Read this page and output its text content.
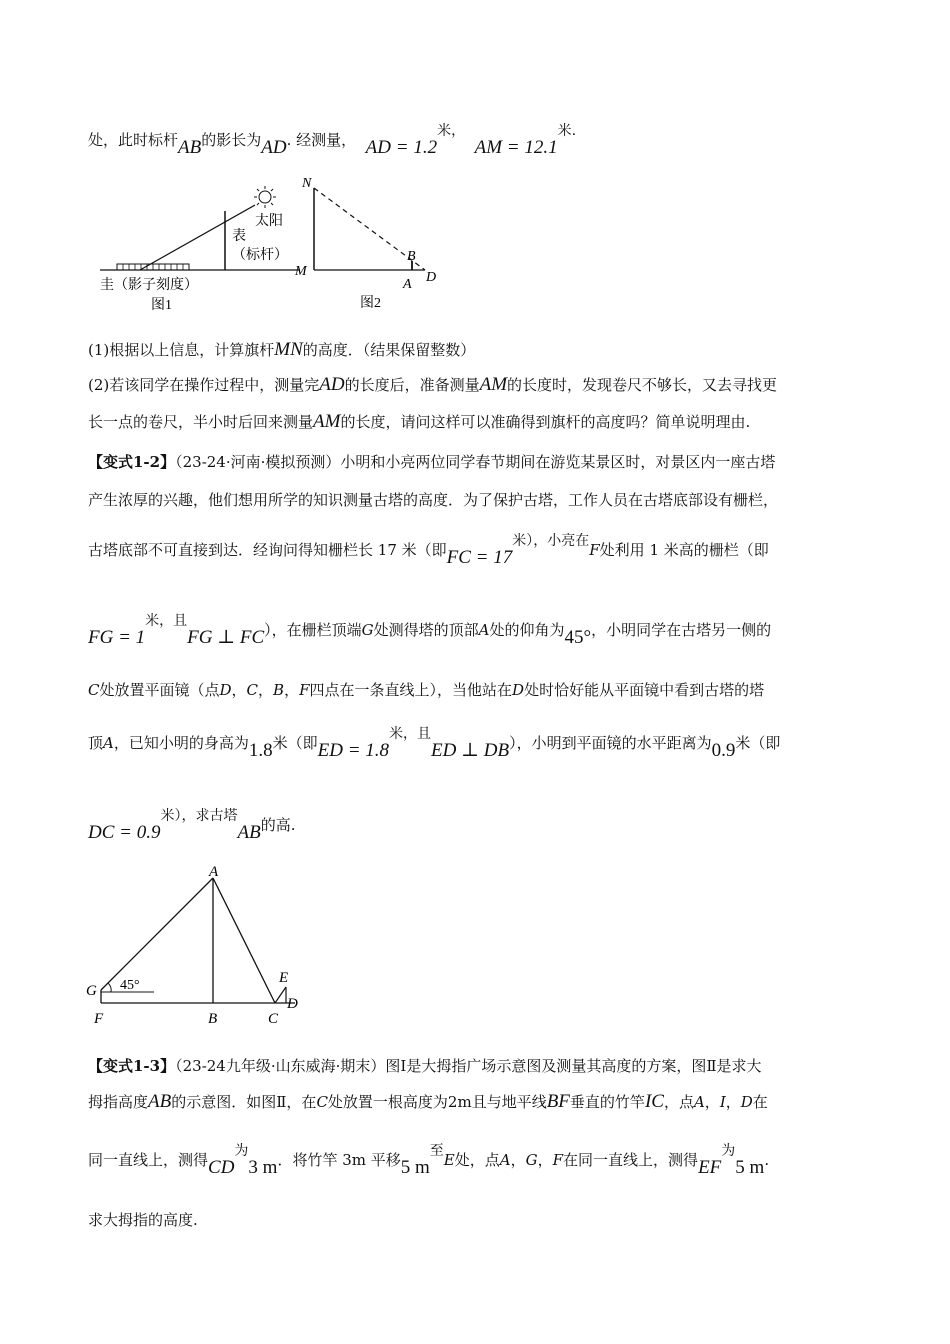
处，此时标杆AB的影长为AD. 经测量， AD = 1.2米，  AM = 12.1米.
太阳
表
（标杆）
圭（影子刻度）
图1
N
M
B
A D
图2
(1)根据以上信息，计算旗杆MN的高度．（结果保留整数）
(2)若该同学在操作过程中，测量完AD的长度后，准备测量AM的长度时，发现卷尺不够长，又去寻找更
长一点的卷尺，半小时后回来测量AM的长度，请问这样可以准确得到旗杆的高度吗？简单说明理由.
【变式1-2】（23-24·河南·模拟预测）小明和小亮两位同学春节期间在游览某景区时，对景区内一座古塔
产生浓厚的兴趣，他们想用所学的知识测量古塔的高度．为了保护古塔，工作人员在古塔底部设有栅栏，
古塔底部不可直接到达．经询问得知栅栏长 17 米（即FC = 17米），小亮在F处利用 1 米高的栅栏（即
FG = 1米，且FG ⊥ FC），在栅栏顶端G处测得塔的顶部A处的仰角为45°，小明同学在古塔另一侧的
C处放置平面镜（点D，C，B，F四点在一条直线上），当他站在D处时恰好能从平面镜中看到古塔的塔
顶A，已知小明的身高为1.8米（即ED = 1.8米，且ED ⊥ DB），小明到平面镜的水平距离为0.9米（即
DC = 0.9米），求古塔AB的高.
A
G
F	B	C
D
E
45°
【变式1-3】（23-24九年级·山东威海·期末）图Ⅰ是大拇指广场示意图及测量其高度的方案，图Ⅱ是求大
拇指高度AB的示意图．如图Ⅱ，在C处放置一根高度为2m且与地平线BF垂直的竹竿IC，点A，I，D在
同一直线上，测得CD为3 m．将竹竿 3m 平移5 m至E处，点A，G，F在同一直线上，测得EF为5 m.
求大拇指的高度.
